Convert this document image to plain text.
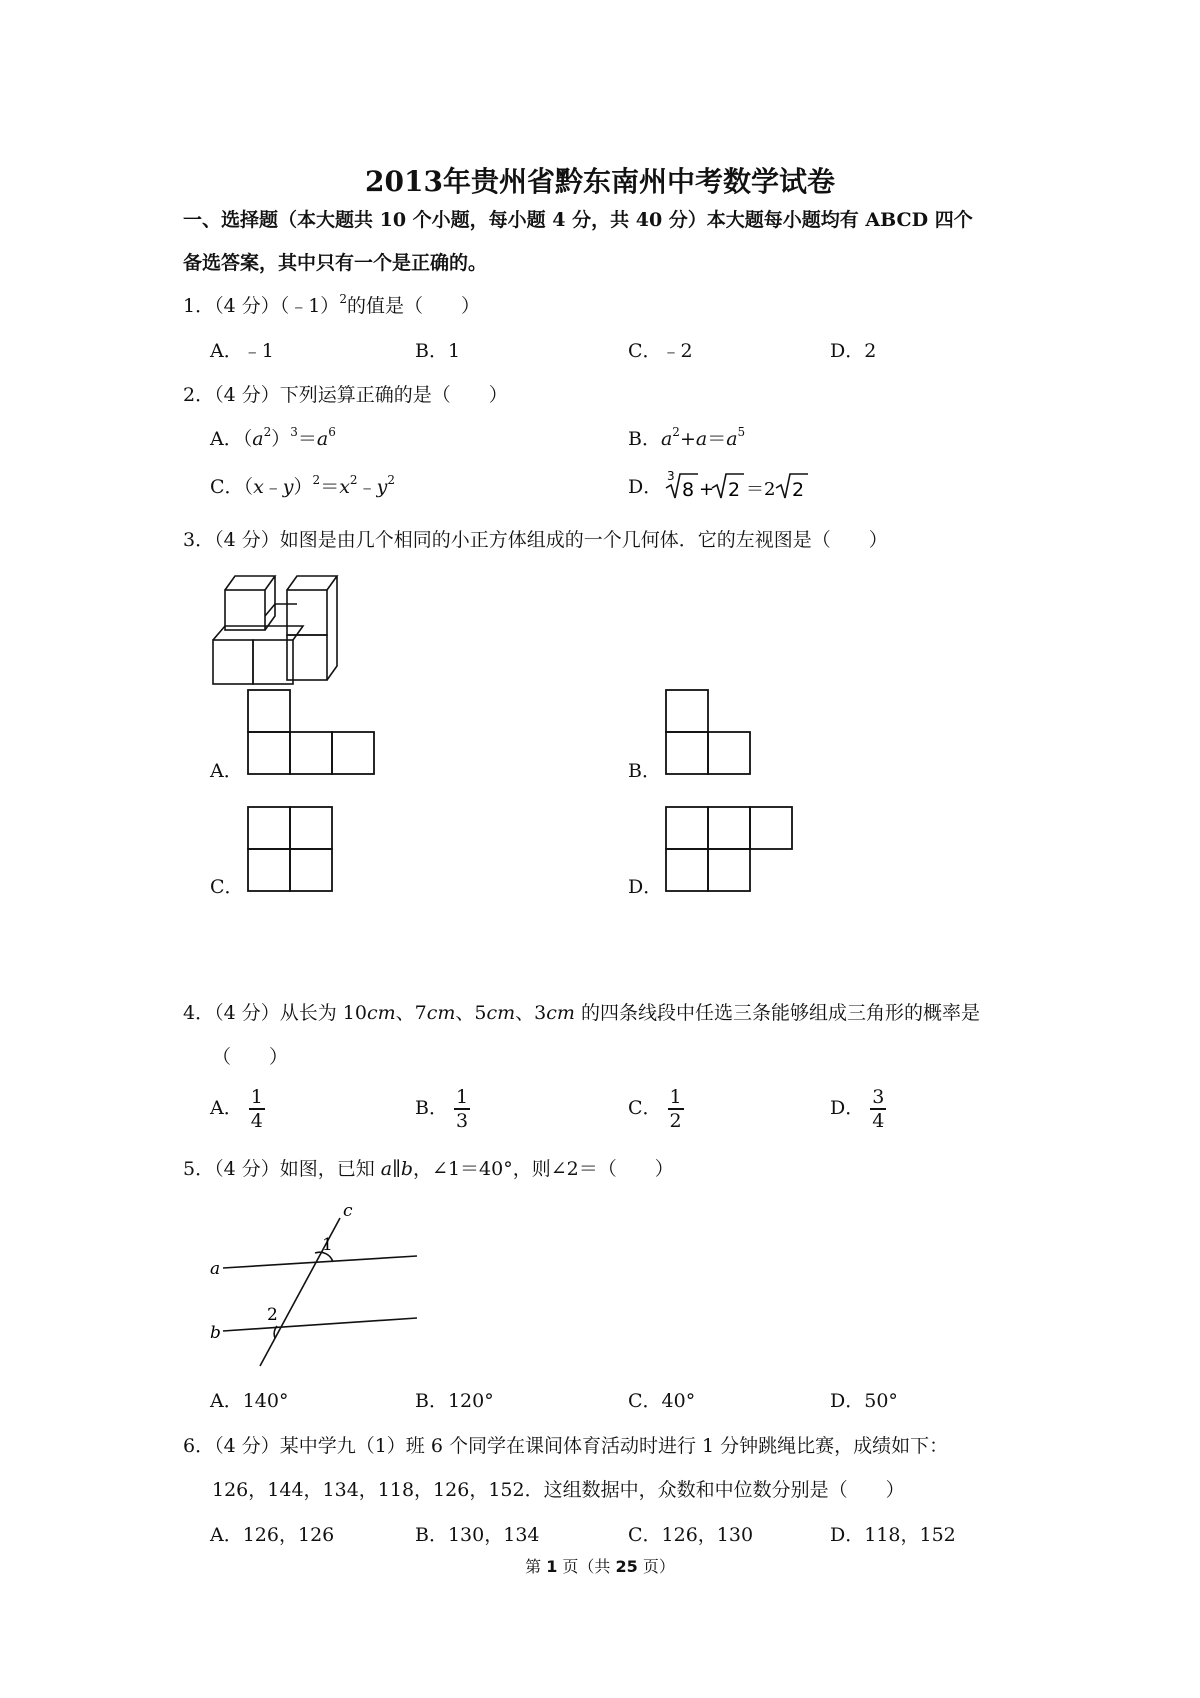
2013年贵州省黔东南州中考数学试卷
一、选择题（本大题共 10 个小题，每小题 4 分，共 40 分）本大题每小题均有 ABCD 四个
备选答案，其中只有一个是正确的。
1．（4 分）（﹣1）$^2$的值是（　　）
A．﹣1	B．1	C．﹣2	D．2
2．（4 分）下列运算正确的是（　　）
A．$(a^2)^3=a^6$	B．$a^2+a=a^5$
C．$(x﹣y)^2=x^2﹣y^2$	D． 3
8 + 2 ＝2 2
3．（4 分）如图是由几个相同的小正方体组成的一个几何体．它的左视图是（　　）
A．	B．
C．	D．
4．（4 分）从长为 10cm、7cm、5cm、3cm 的四条线段中任选三条能够组成三角形的概率是
（　　）
A． $\frac{1}{4}$	B． $\frac{1}{3}$	C． $\frac{1}{2}$	D． $\frac{3}{4}$
5．（4 分）如图，已知 a∥b，∠1＝40°，则∠2＝（　　）
c
1
a
2
b
A．140°	B．120°	C．40°	D．50°
6．（4 分）某中学九（1）班 6 个同学在课间体育活动时进行 1 分钟跳绳比赛，成绩如下：
126，144，134，118，126，152．这组数据中，众数和中位数分别是（　　）
A．126，126	B．130，134	C．126，130	D．118，152
第 1 页（共 25 页）
